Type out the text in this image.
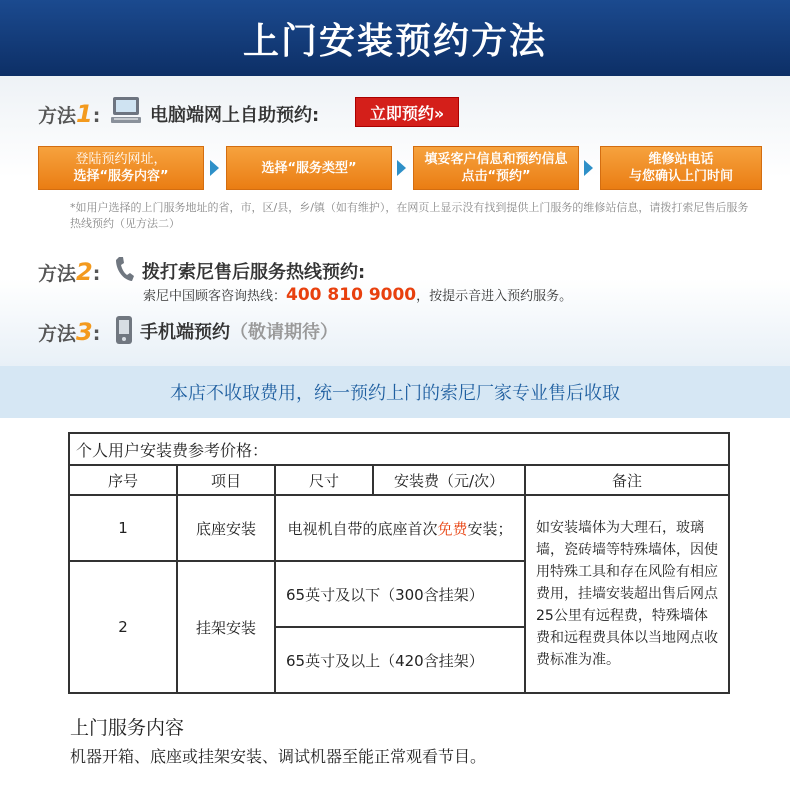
上门安装预约方法
方法1:	电脑端网上自助预约:	立即预约»
登陆预约网址，
选择“服务内容”
选择“服务类型”
填妥客户信息和预约信息
点击“预约”
维修站电话
与您确认上门时间
*如用户选择的上门服务地址的省，市，区/县，乡/镇（如有维护），在网页上显示没有找到提供上门服务的维修站信息，请拨打索尼售后服务热线预约（见方法二）
方法2: 拨打索尼售后服务热线预约:
索尼中国顾客咨询热线：400 810 9000，按提示音进入预约服务。
方法3: 手机端预约（敬请期待）
本店不收取费用，统一预约上门的索尼厂家专业售后收取
个人用户安装费参考价格：				
序号	项目	尺寸	安装费（元/次）	备注
1	底座安装	电视机自带的底座首次免费安装；		如安装墙体为大理石，玻璃墙，瓷砖墙等特殊墙体，因使用特殊工具和存在风险有相应费用，挂墙安装超出售后网点25公里有远程费，特殊墙体费和远程费具体以当地网点收费标准为准。
2	挂架安装	65英寸及以下（300含挂架）		
		65英寸及以上（420含挂架）		
上门服务内容
机器开箱、底座或挂架安装、调试机器至能正常观看节目。
